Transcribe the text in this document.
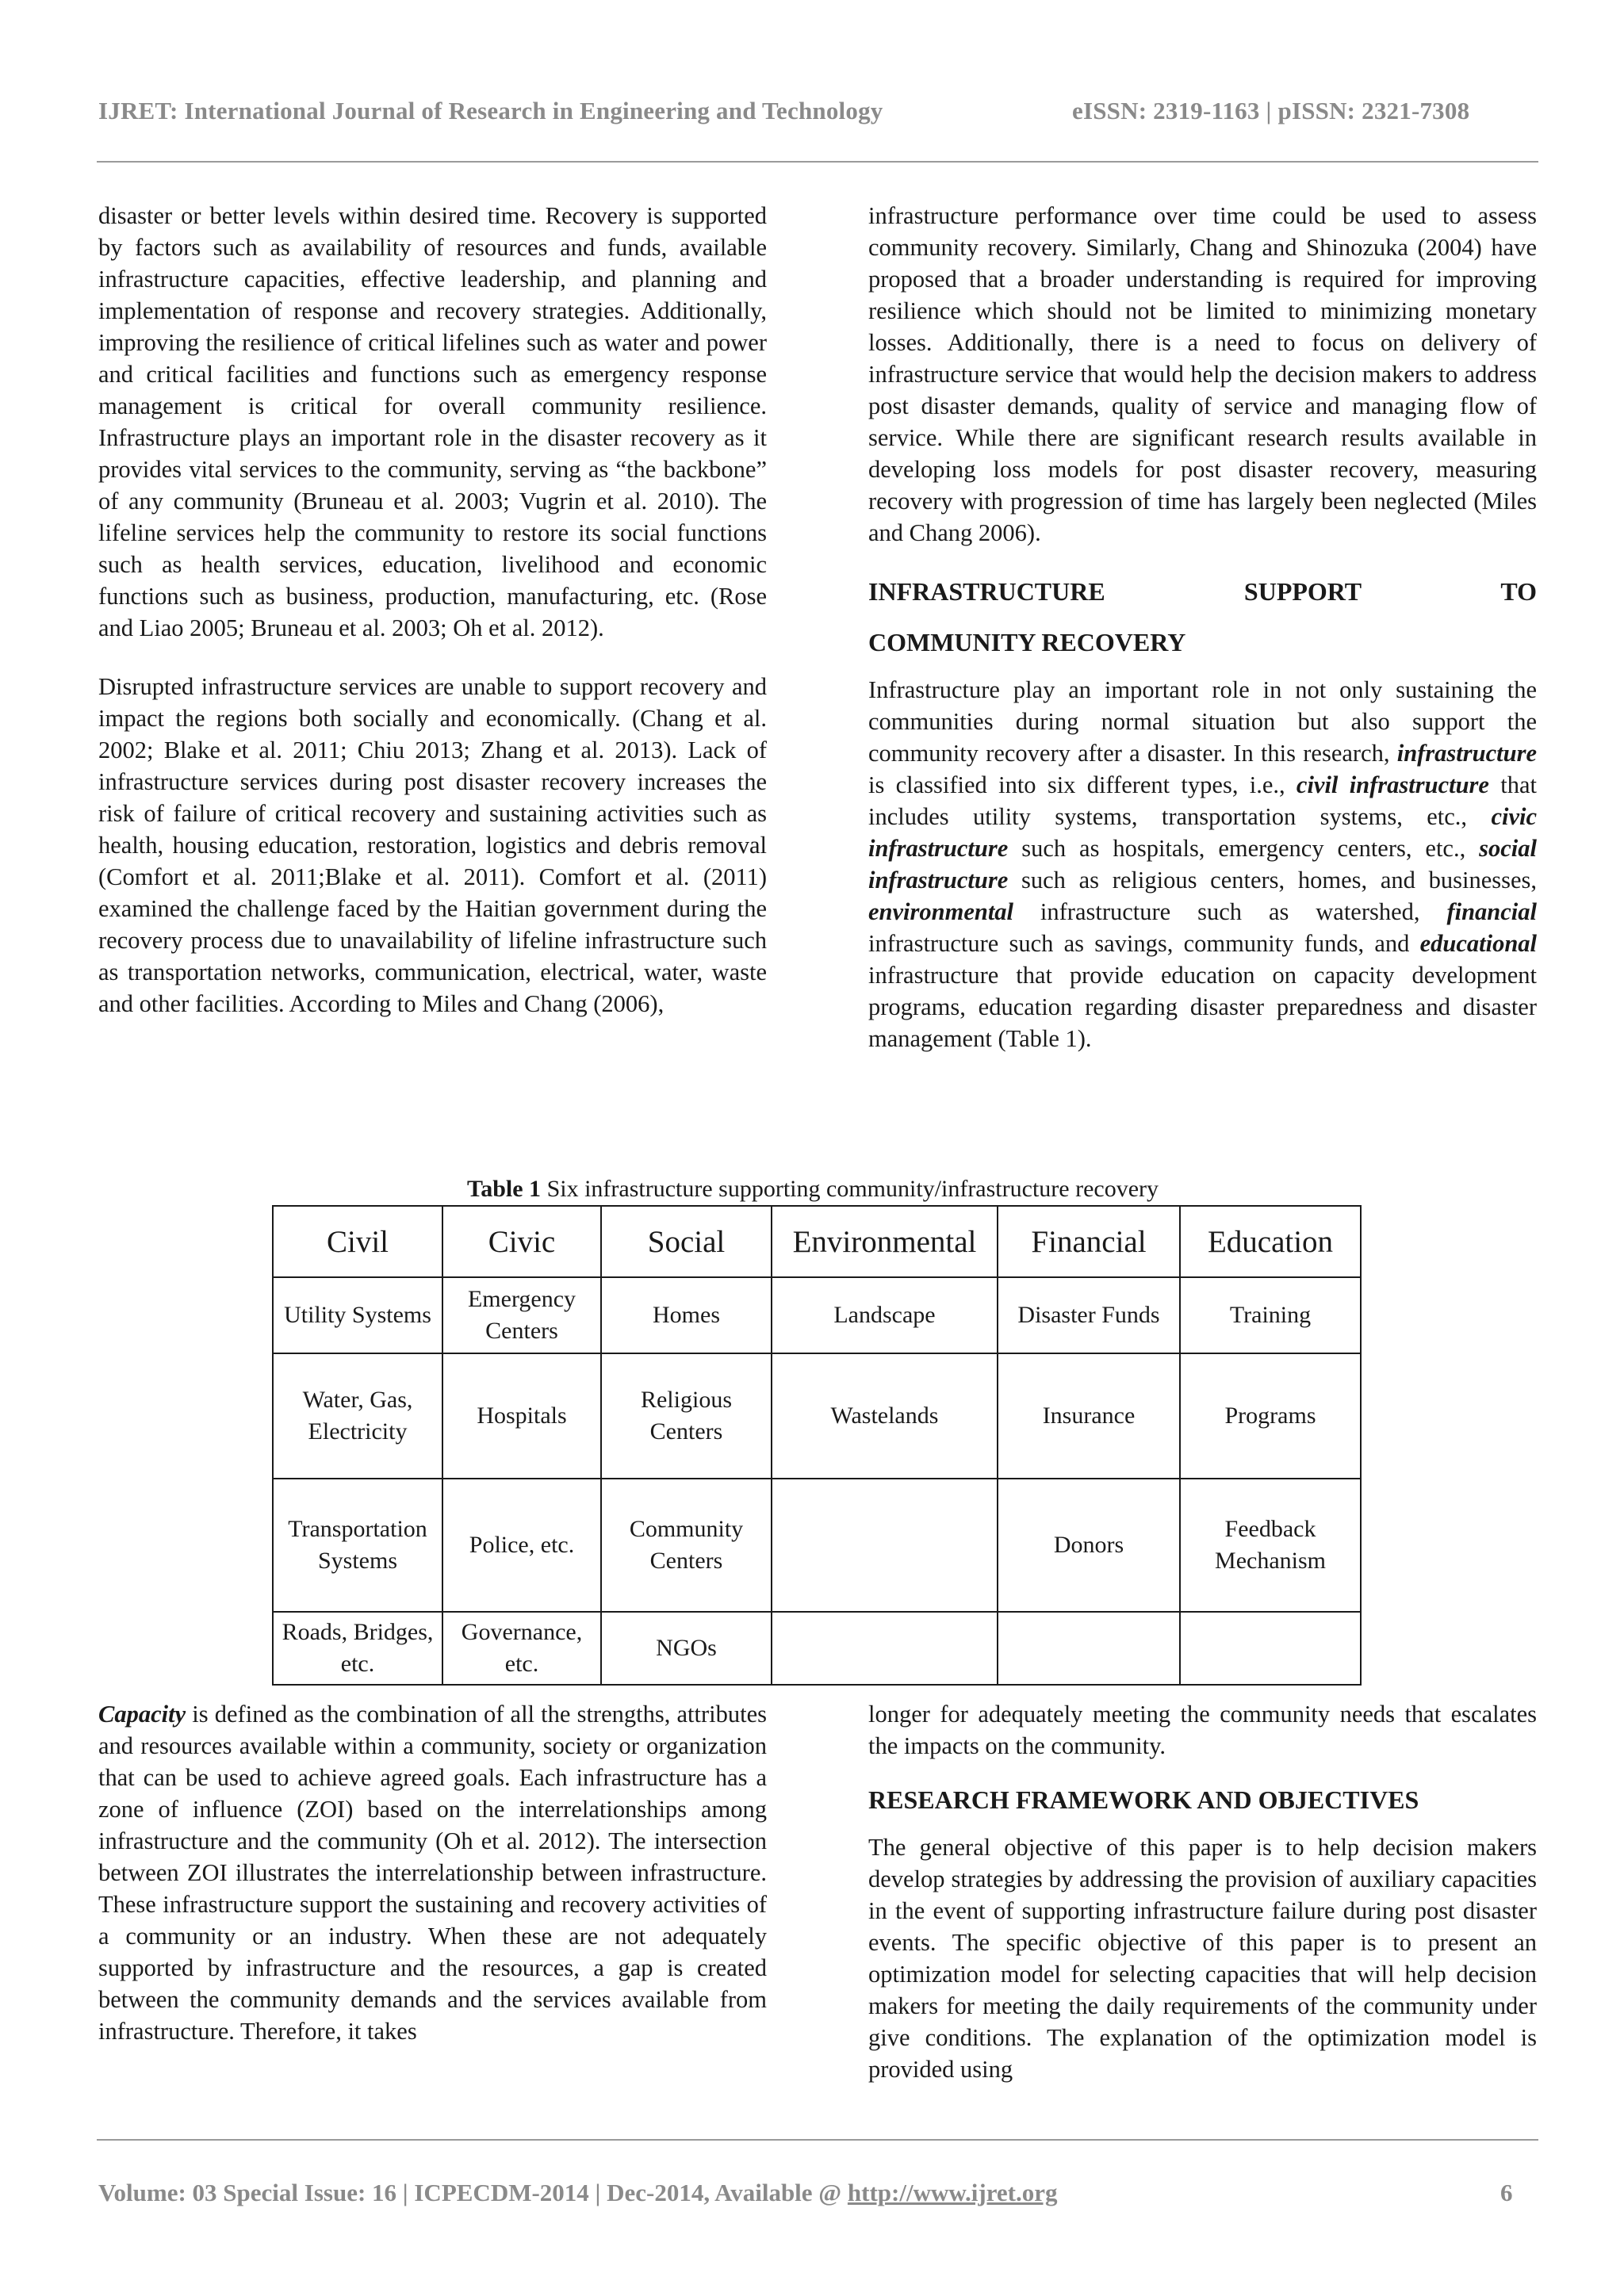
IJRET: International Journal of Research in Engineering and Technology	eISSN: 2319-1163 | pISSN: 2321-7308

disaster or better levels within desired time. Recovery is supported by factors such as availability of resources and funds, available infrastructure capacities, effective leadership, and planning and implementation of response and recovery strategies. Additionally, improving the resilience of critical lifelines such as water and power and critical facilities and functions such as emergency response management is critical for overall community resilience. Infrastructure plays an important role in the disaster recovery as it provides vital services to the community, serving as “the backbone” of any community (Bruneau et al. 2003; Vugrin et al. 2010). The lifeline services help the community to restore its social functions such as health services, education, livelihood and economic functions such as business, production, manufacturing, etc. (Rose and Liao 2005; Bruneau et al. 2003; Oh et al. 2012).

Disrupted infrastructure services are unable to support recovery and impact the regions both socially and economically. (Chang et al. 2002; Blake et al. 2011; Chiu 2013; Zhang et al. 2013). Lack of infrastructure services during post disaster recovery increases the risk of failure of critical recovery and sustaining activities such as health, housing education, restoration, logistics and debris removal (Comfort et al. 2011;Blake et al. 2011). Comfort et al. (2011) examined the challenge faced by the Haitian government during the recovery process due to unavailability of lifeline infrastructure such as transportation networks, communication, electrical, water, waste and other facilities. According to Miles and Chang (2006),

infrastructure performance over time could be used to assess community recovery. Similarly, Chang and Shinozuka (2004) have proposed that a broader understanding is required for improving resilience which should not be limited to minimizing monetary losses. Additionally, there is a need to focus on delivery of infrastructure service that would help the decision makers to address post disaster demands, quality of service and managing flow of service. While there are significant research results available in developing loss models for post disaster recovery, measuring recovery with progression of time has largely been neglected (Miles and Chang 2006).

INFRASTRUCTURE	SUPPORT	TO
COMMUNITY RECOVERY

Infrastructure play an important role in not only sustaining the communities during normal situation but also support the community recovery after a disaster. In this research, infrastructure is classified into six different types, i.e., civil infrastructure that includes utility systems, transportation systems, etc., civic infrastructure such as hospitals, emergency centers, etc., social infrastructure such as religious centers, homes, and businesses, environmental infrastructure such as watershed, financial infrastructure such as savings, community funds, and educational infrastructure that provide education on capacity development programs, education regarding disaster preparedness and disaster management (Table 1).

Table 1 Six infrastructure supporting community/infrastructure recovery
Civil	Civic	Social	Environmental	Financial	Education
Utility Systems	Emergency Centers	Homes	Landscape	Disaster Funds	Training
Water, Gas, Electricity	Hospitals	Religious Centers	Wastelands	Insurance	Programs
Transportation Systems	Police, etc.	Community Centers		Donors	Feedback Mechanism
Roads, Bridges, etc.	Governance, etc.	NGOs			

Capacity is defined as the combination of all the strengths, attributes and resources available within a community, society or organization that can be used to achieve agreed goals. Each infrastructure has a zone of influence (ZOI) based on the interrelationships among infrastructure and the community (Oh et al. 2012). The intersection between ZOI illustrates the interrelationship between infrastructure. These infrastructure support the sustaining and recovery activities of a community or an industry. When these are not adequately supported by infrastructure and the resources, a gap is created between the community demands and the services available from infrastructure. Therefore, it takes

longer for adequately meeting the community needs that escalates the impacts on the community.

RESEARCH FRAMEWORK AND OBJECTIVES

The general objective of this paper is to help decision makers develop strategies by addressing the provision of auxiliary capacities in the event of supporting infrastructure failure during post disaster events. The specific objective of this paper is to present an optimization model for selecting capacities that will help decision makers for meeting the daily requirements of the community under give conditions. The explanation of the optimization model is provided using

Volume: 03 Special Issue: 16 | ICPECDM-2014 | Dec-2014, Available @ http://www.ijret.org	6
